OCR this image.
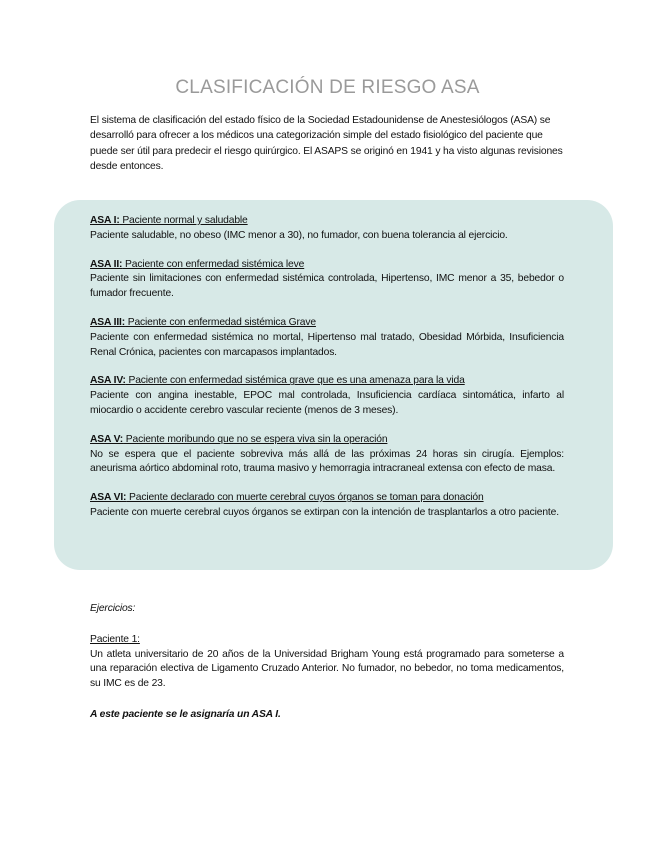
CLASIFICACIÓN DE RIESGO ASA
El sistema de clasificación del estado físico de la Sociedad Estadounidense de Anestesiólogos (ASA) se desarrolló para ofrecer a los médicos una categorización simple del estado fisiológico del paciente que puede ser útil para predecir el riesgo quirúrgico. El ASAPS se originó en 1941 y ha visto algunas revisiones desde entonces.
ASA I: Paciente normal y saludable
Paciente saludable, no obeso (IMC menor a 30), no fumador, con buena tolerancia al ejercicio.
ASA II: Paciente con enfermedad sistémica leve
Paciente sin limitaciones con enfermedad sistémica controlada, Hipertenso, IMC menor a 35, bebedor o fumador frecuente.
ASA III: Paciente con enfermedad sistémica Grave
Paciente con enfermedad sistémica no mortal, Hipertenso mal tratado, Obesidad Mórbida, Insuficiencia Renal Crónica, pacientes con marcapasos implantados.
ASA IV: Paciente con enfermedad sistémica grave que es una amenaza para la vida
Paciente con angina inestable, EPOC mal controlada, Insuficiencia cardíaca sintomática, infarto al miocardio o accidente cerebro vascular reciente (menos de 3 meses).
ASA V: Paciente moribundo que no se espera viva sin la operación
No se espera que el paciente sobreviva más allá de las próximas 24 horas sin cirugía. Ejemplos: aneurisma aórtico abdominal roto, trauma masivo y hemorragia intracraneal extensa con efecto de masa.
ASA VI: Paciente declarado con muerte cerebral cuyos órganos se toman para donación
Paciente con muerte cerebral cuyos órganos se extirpan con la intención de trasplantarlos a otro paciente.
Ejercicios:
Paciente 1:
Un atleta universitario de 20 años de la Universidad Brigham Young está programado para someterse a una reparación electiva de Ligamento Cruzado Anterior. No fumador, no bebedor, no toma medicamentos, su IMC es de 23.
A este paciente se le asignaría un ASA I.
